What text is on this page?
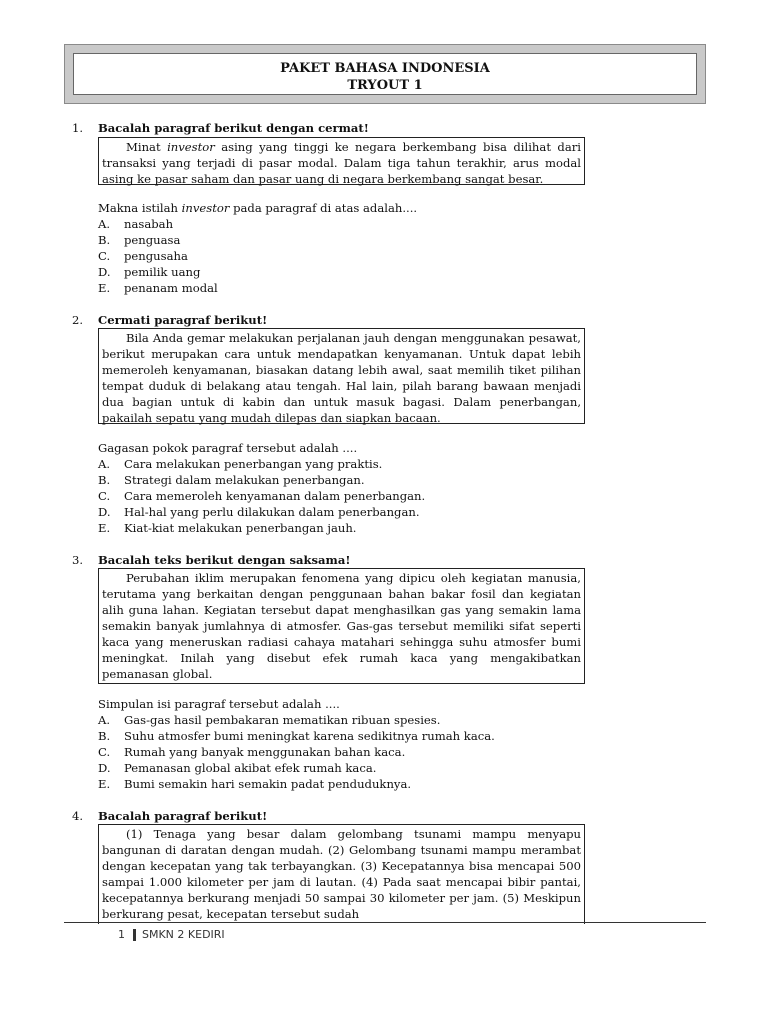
PAKET BAHASA INDONESIA
TRYOUT 1
1. Bacalah paragraf berikut dengan cermat!
Minat investor asing yang tinggi ke negara berkembang bisa dilihat dari transaksi yang terjadi di pasar modal. Dalam tiga tahun terakhir, arus modal asing ke pasar saham dan pasar uang di negara berkembang sangat besar.
Makna istilah investor pada paragraf di atas adalah....
A. nasabah
B. penguasa
C. pengusaha
D. pemilik uang
E. penanam modal
2. Cermati paragraf berikut!
Bila Anda gemar melakukan perjalanan jauh dengan menggunakan pesawat, berikut merupakan cara untuk mendapatkan kenyamanan. Untuk dapat lebih memeroleh kenyamanan, biasakan datang lebih awal, saat memilih tiket pilihan tempat duduk di belakang atau tengah. Hal lain, pilah barang bawaan menjadi dua bagian untuk di kabin dan untuk masuk bagasi. Dalam penerbangan, pakailah sepatu yang mudah dilepas dan siapkan bacaan.
Gagasan pokok paragraf tersebut adalah ....
A. Cara melakukan penerbangan yang praktis.
B. Strategi dalam melakukan penerbangan.
C. Cara memeroleh kenyamanan dalam penerbangan.
D. Hal-hal yang perlu dilakukan dalam penerbangan.
E. Kiat-kiat melakukan penerbangan jauh.
3. Bacalah teks berikut dengan saksama!
Perubahan iklim merupakan fenomena yang dipicu oleh kegiatan manusia, terutama yang berkaitan dengan penggunaan bahan bakar fosil dan kegiatan alih guna lahan. Kegiatan tersebut dapat menghasilkan gas yang semakin lama semakin banyak jumlahnya di atmosfer. Gas-gas tersebut memiliki sifat seperti kaca yang meneruskan radiasi cahaya matahari sehingga suhu atmosfer bumi meningkat. Inilah yang disebut efek rumah kaca yang mengakibatkan pemanasan global.
Simpulan isi paragraf tersebut adalah ....
A. Gas-gas hasil pembakaran mematikan ribuan spesies.
B. Suhu atmosfer bumi meningkat karena sedikitnya rumah kaca.
C. Rumah yang banyak menggunakan bahan kaca.
D. Pemanasan global akibat efek rumah kaca.
E. Bumi semakin hari semakin padat penduduknya.
4. Bacalah paragraf berikut!
(1) Tenaga yang besar dalam gelombang tsunami mampu menyapu bangunan di daratan dengan mudah. (2) Gelombang tsunami mampu merambat dengan kecepatan yang tak terbayangkan. (3) Kecepatannya bisa mencapai 500 sampai 1.000 kilometer per jam di lautan. (4) Pada saat mencapai bibir pantai, kecepatannya berkurang menjadi 50 sampai 30 kilometer per jam. (5) Meskipun berkurang pesat, kecepatan tersebut sudah
1 SMKN 2 KEDIRI
